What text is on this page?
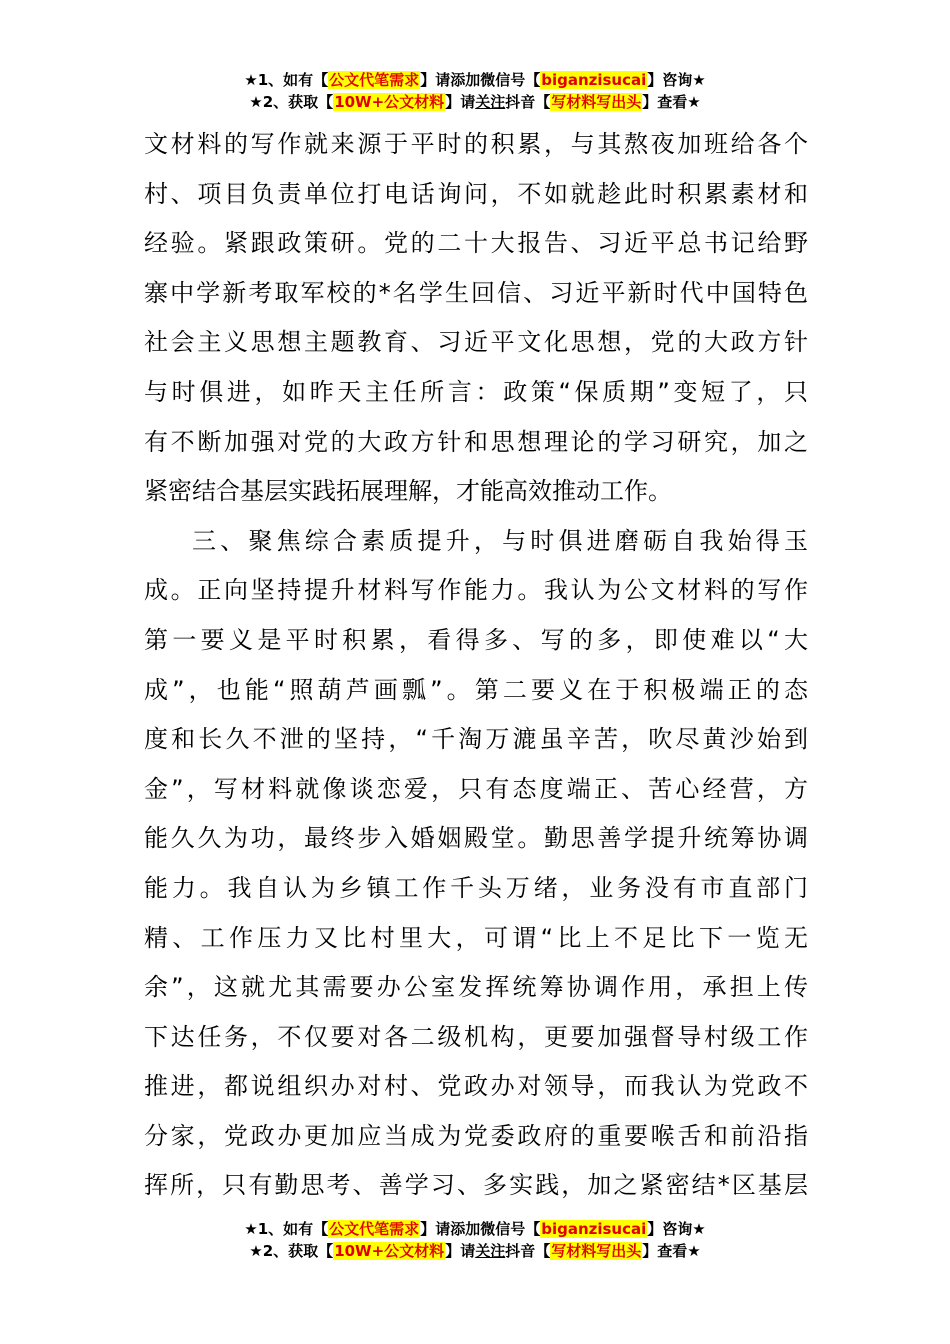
★1、如有【公文代笔需求】请添加微信号【biganzisucai】咨询★
★2、获取【10W+公文材料】请关注抖音【写材料写出头】查看★
文材料的写作就来源于平时的积累，与其熬夜加班给各个
村、项目负责单位打电话询问，不如就趁此时积累素材和
经验。紧跟政策研。党的二十大报告、习近平总书记给野
寨中学新考取军校的*名学生回信、习近平新时代中国特色
社会主义思想主题教育、习近平文化思想，党的大政方针
与时俱进，如昨天主任所言：政策“保质期”变短了，只
有不断加强对党的大政方针和思想理论的学习研究，加之
紧密结合基层实践拓展理解，才能高效推动工作。
三、聚焦综合素质提升，与时俱进磨砺自我始得玉
成。正向坚持提升材料写作能力。我认为公文材料的写作
第一要义是平时积累，看得多、写的多，即使难以“大
成”，也能“照葫芦画瓢”。第二要义在于积极端正的态
度和长久不泄的坚持，“千淘万漉虽辛苦，吹尽黄沙始到
金”，写材料就像谈恋爱，只有态度端正、苦心经营，方
能久久为功，最终步入婚姻殿堂。勤思善学提升统筹协调
能力。我自认为乡镇工作千头万绪，业务没有市直部门
精、工作压力又比村里大，可谓“比上不足比下一览无
余”，这就尤其需要办公室发挥统筹协调作用，承担上传
下达任务，不仅要对各二级机构，更要加强督导村级工作
推进，都说组织办对村、党政办对领导，而我认为党政不
分家，党政办更加应当成为党委政府的重要喉舌和前沿指
挥所，只有勤思考、善学习、多实践，加之紧密结*区基层
★1、如有【公文代笔需求】请添加微信号【biganzisucai】咨询★
★2、获取【10W+公文材料】请关注抖音【写材料写出头】查看★
